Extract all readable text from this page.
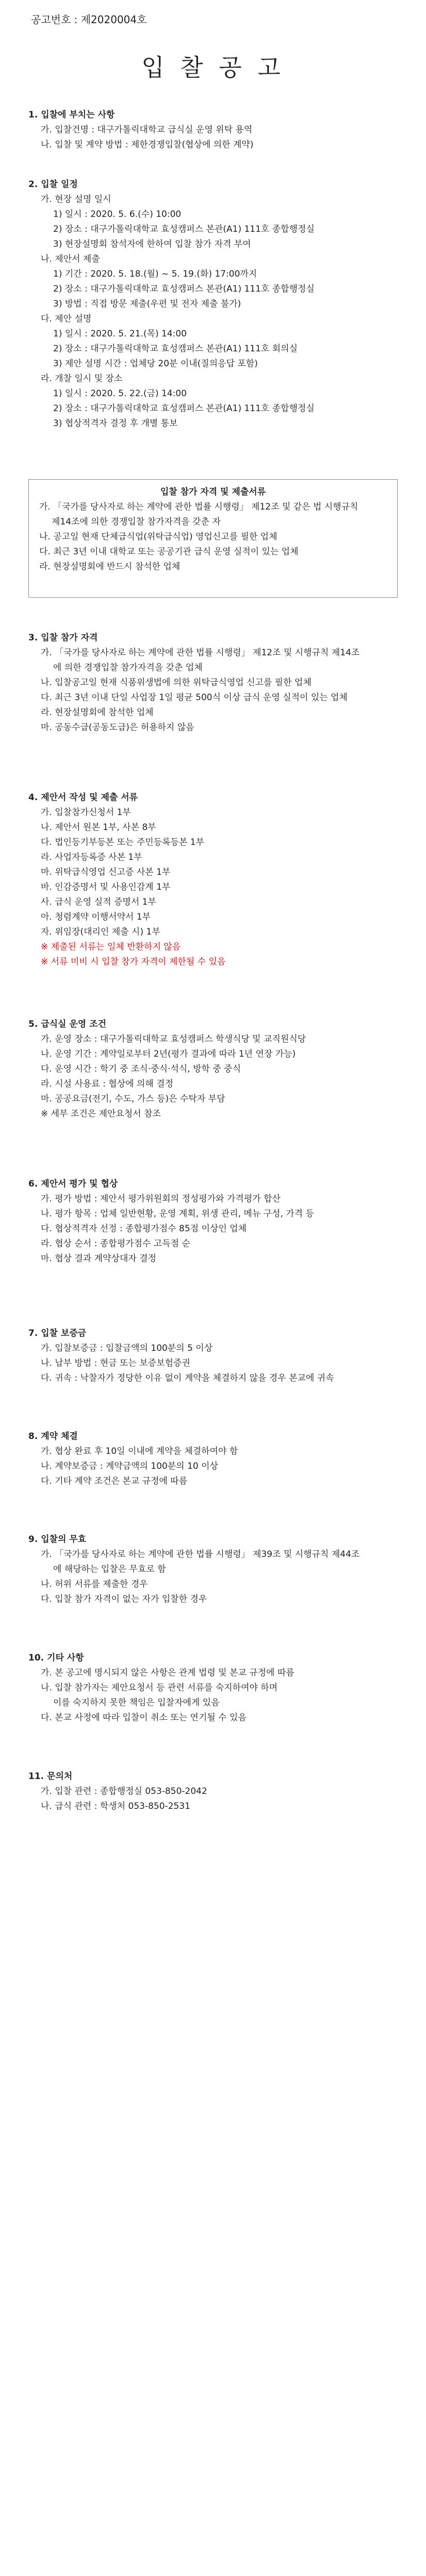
공고번호 : 제2020004호
입 찰 공 고
1. 입찰에 부치는 사항
가. 입찰건명 : 대구가톨릭대학교 급식실 운영 위탁 용역
나. 입찰 및 계약 방법 : 제한경쟁입찰(협상에 의한 계약)
2. 입찰 일정
가. 현장 설명 일시
1) 일시 : 2020. 5. 6.(수) 10:00
2) 장소 : 대구가톨릭대학교 효성캠퍼스 본관(A1) 111호 종합행정실
3) 현장설명회 참석자에 한하여 입찰 참가 자격 부여
나. 제안서 제출
1) 기간 : 2020. 5. 18.(월) ~ 5. 19.(화) 17:00까지
2) 장소 : 대구가톨릭대학교 효성캠퍼스 본관(A1) 111호 종합행정실
3) 방법 : 직접 방문 제출(우편 및 전자 제출 불가)
다. 제안 설명
1) 일시 : 2020. 5. 21.(목) 14:00
2) 장소 : 대구가톨릭대학교 효성캠퍼스 본관(A1) 111호 회의실
3) 제안 설명 시간 : 업체당 20분 이내(질의응답 포함)
라. 개찰 일시 및 장소
1) 일시 : 2020. 5. 22.(금) 14:00
2) 장소 : 대구가톨릭대학교 효성캠퍼스 본관(A1) 111호 종합행정실
3) 협상적격자 결정 후 개별 통보
입찰 참가 자격 및 제출서류
가. 「국가를 당사자로 하는 계약에 관한 법률 시행령」 제12조 및 같은 법 시행규칙
제14조에 의한 경쟁입찰 참가자격을 갖춘 자
나. 공고일 현재 단체급식업(위탁급식업) 영업신고를 필한 업체
다. 최근 3년 이내 대학교 또는 공공기관 급식 운영 실적이 있는 업체
라. 현장설명회에 반드시 참석한 업체
3. 입찰 참가 자격
가. 「국가를 당사자로 하는 계약에 관한 법률 시행령」 제12조 및 시행규칙 제14조
에 의한 경쟁입찰 참가자격을 갖춘 업체
나. 입찰공고일 현재 식품위생법에 의한 위탁급식영업 신고를 필한 업체
다. 최근 3년 이내 단일 사업장 1일 평균 500식 이상 급식 운영 실적이 있는 업체
라. 현장설명회에 참석한 업체
마. 공동수급(공동도급)은 허용하지 않음
4. 제안서 작성 및 제출 서류
가. 입찰참가신청서 1부
나. 제안서 원본 1부, 사본 8부
다. 법인등기부등본 또는 주민등록등본 1부
라. 사업자등록증 사본 1부
마. 위탁급식영업 신고증 사본 1부
바. 인감증명서 및 사용인감계 1부
사. 급식 운영 실적 증명서 1부
아. 청렴계약 이행서약서 1부
자. 위임장(대리인 제출 시) 1부
※ 제출된 서류는 일체 반환하지 않음
※ 서류 미비 시 입찰 참가 자격이 제한될 수 있음
5. 급식실 운영 조건
가. 운영 장소 : 대구가톨릭대학교 효성캠퍼스 학생식당 및 교직원식당
나. 운영 기간 : 계약일로부터 2년(평가 결과에 따라 1년 연장 가능)
다. 운영 시간 : 학기 중 조식·중식·석식, 방학 중 중식
라. 시설 사용료 : 협상에 의해 결정
마. 공공요금(전기, 수도, 가스 등)은 수탁자 부담
※ 세부 조건은 제안요청서 참조
6. 제안서 평가 및 협상
가. 평가 방법 : 제안서 평가위원회의 정성평가와 가격평가 합산
나. 평가 항목 : 업체 일반현황, 운영 계획, 위생 관리, 메뉴 구성, 가격 등
다. 협상적격자 선정 : 종합평가점수 85점 이상인 업체
라. 협상 순서 : 종합평가점수 고득점 순
마. 협상 결과 계약상대자 결정
7. 입찰 보증금
가. 입찰보증금 : 입찰금액의 100분의 5 이상
나. 납부 방법 : 현금 또는 보증보험증권
다. 귀속 : 낙찰자가 정당한 이유 없이 계약을 체결하지 않을 경우 본교에 귀속
8. 계약 체결
가. 협상 완료 후 10일 이내에 계약을 체결하여야 함
나. 계약보증금 : 계약금액의 100분의 10 이상
다. 기타 계약 조건은 본교 규정에 따름
9. 입찰의 무효
가. 「국가를 당사자로 하는 계약에 관한 법률 시행령」 제39조 및 시행규칙 제44조
에 해당하는 입찰은 무효로 함
나. 허위 서류를 제출한 경우
다. 입찰 참가 자격이 없는 자가 입찰한 경우
10. 기타 사항
가. 본 공고에 명시되지 않은 사항은 관계 법령 및 본교 규정에 따름
나. 입찰 참가자는 제안요청서 등 관련 서류를 숙지하여야 하며
이를 숙지하지 못한 책임은 입찰자에게 있음
다. 본교 사정에 따라 입찰이 취소 또는 연기될 수 있음
11. 문의처
가. 입찰 관련 : 종합행정실 053-850-2042
나. 급식 관련 : 학생처 053-850-2531
